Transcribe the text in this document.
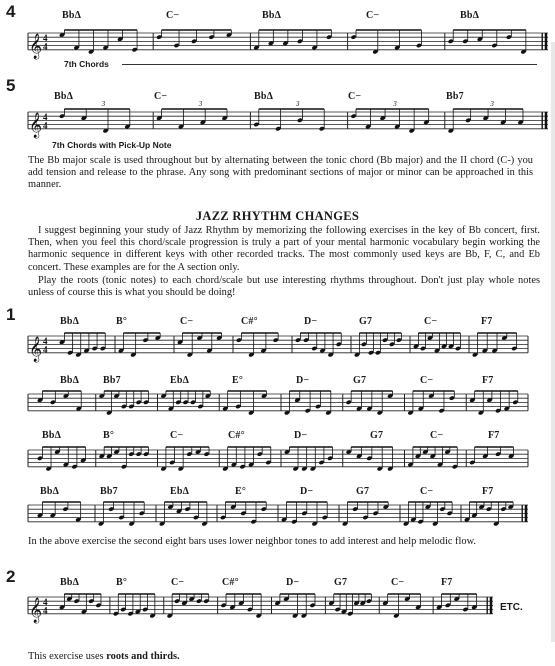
4	BbΔ	C−	BbΔ	C−	BbΔ
𝄞 4
4
7th Chords
5
BbΔ	C−	BbΔ	C−	Bb7
𝄞 4
4
3	3	3	3	3
7th Chords with Pick-Up Note
The Bb major scale is used throughout but by alternating between the tonic chord (Bb major) and the II chord (C-) you add tension and release to the phrase. Any song with predominant sections of major or minor can be approached in this manner.
JAZZ RHYTHM CHANGES
I suggest beginning your study of Jazz Rhythm by memorizing the following exercises in the key of Bb concert, first. Then, when you feel this chord/scale progression is truly a part of your mental harmonic vocabulary begin working the harmonic sequence in different keys with other recorded tracks. The most commonly used keys are Bb, F, C, and Eb concert. These examples are for the A section only.
Play the roots (tonic notes) to each chord/scale but use interesting rhythms throughout. Don't just play whole notes unless of course this is what you should be doing!
1	BbΔ	B°	C−	C#°	D−	G7	C−	F7
𝄞 4
4
BbΔ Bb7	EbΔ	E°	D−	G7	C−	F7
BbΔ	B°	C−	C#°	D−	G7	C−	F7
BbΔ	Bb7	EbΔ	E°	D−	G7	C−	F7
In the above exercise the second eight bars uses lower neighbor tones to add interest and help melodic flow.
2	BbΔ	B°	C−	C#°	D−	G7	C−	F7
𝄞 4
4	ETC.
This exercise uses roots and thirds.
